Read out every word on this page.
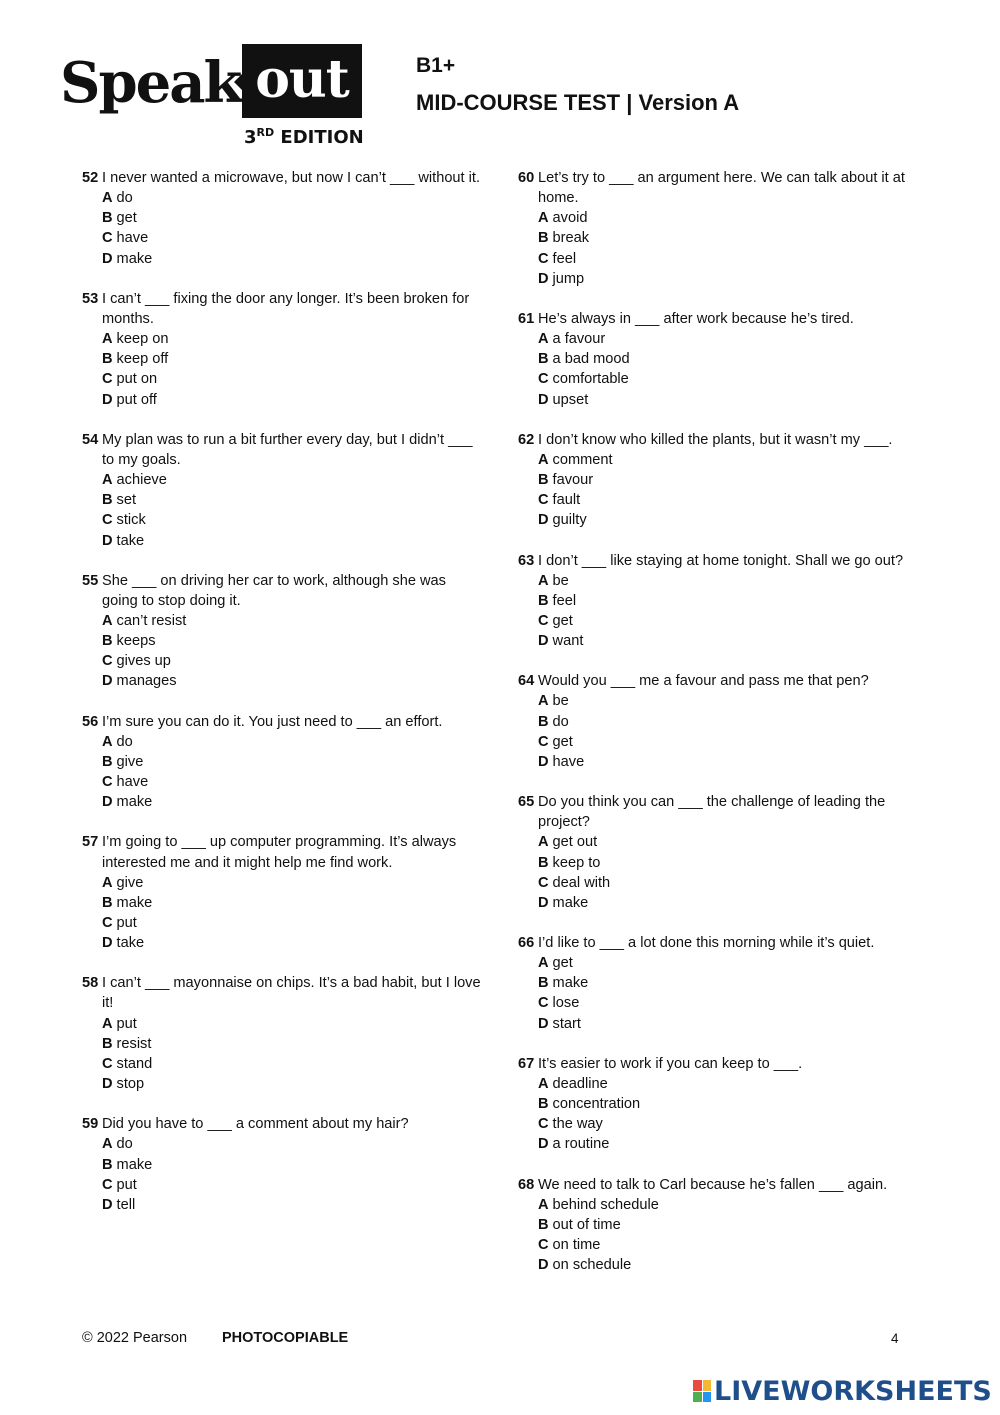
Speak out
3RD EDITION
B1+
MID-COURSE TEST | Version A
52 I never wanted a microwave, but now I can’t ___ without it.
A do
B get
C have
D make
53 I can’t ___ fixing the door any longer. It’s been broken for months.
A keep on
B keep off
C put on
D put off
54 My plan was to run a bit further every day, but I didn’t ___ to my goals.
A achieve
B set
C stick
D take
55 She ___ on driving her car to work, although she was going to stop doing it.
A can’t resist
B keeps
C gives up
D manages
56 I’m sure you can do it. You just need to ___ an effort.
A do
B give
C have
D make
57 I’m going to ___ up computer programming. It’s always interested me and it might help me find work.
A give
B make
C put
D take
58 I can’t ___ mayonnaise on chips. It’s a bad habit, but I love it!
A put
B resist
C stand
D stop
59 Did you have to ___ a comment about my hair?
A do
B make
C put
D tell
60 Let’s try to ___ an argument here. We can talk about it at home.
A avoid
B break
C feel
D jump
61 He’s always in ___ after work because he’s tired.
A a favour
B a bad mood
C comfortable
D upset
62 I don’t know who killed the plants, but it wasn’t my ___.
A comment
B favour
C fault
D guilty
63 I don’t ___ like staying at home tonight. Shall we go out?
A be
B feel
C get
D want
64 Would you ___ me a favour and pass me that pen?
A be
B do
C get
D have
65 Do you think you can ___ the challenge of leading the project?
A get out
B keep to
C deal with
D make
66 I’d like to ___ a lot done this morning while it’s quiet.
A get
B make
C lose
D start
67 It’s easier to work if you can keep to ___.
A deadline
B concentration
C the way
D a routine
68 We need to talk to Carl because he’s fallen ___ again.
A behind schedule
B out of time
C on time
D on schedule
© 2022 Pearson PHOTOCOPIABLE	4
LIVEWORKSHEETS
